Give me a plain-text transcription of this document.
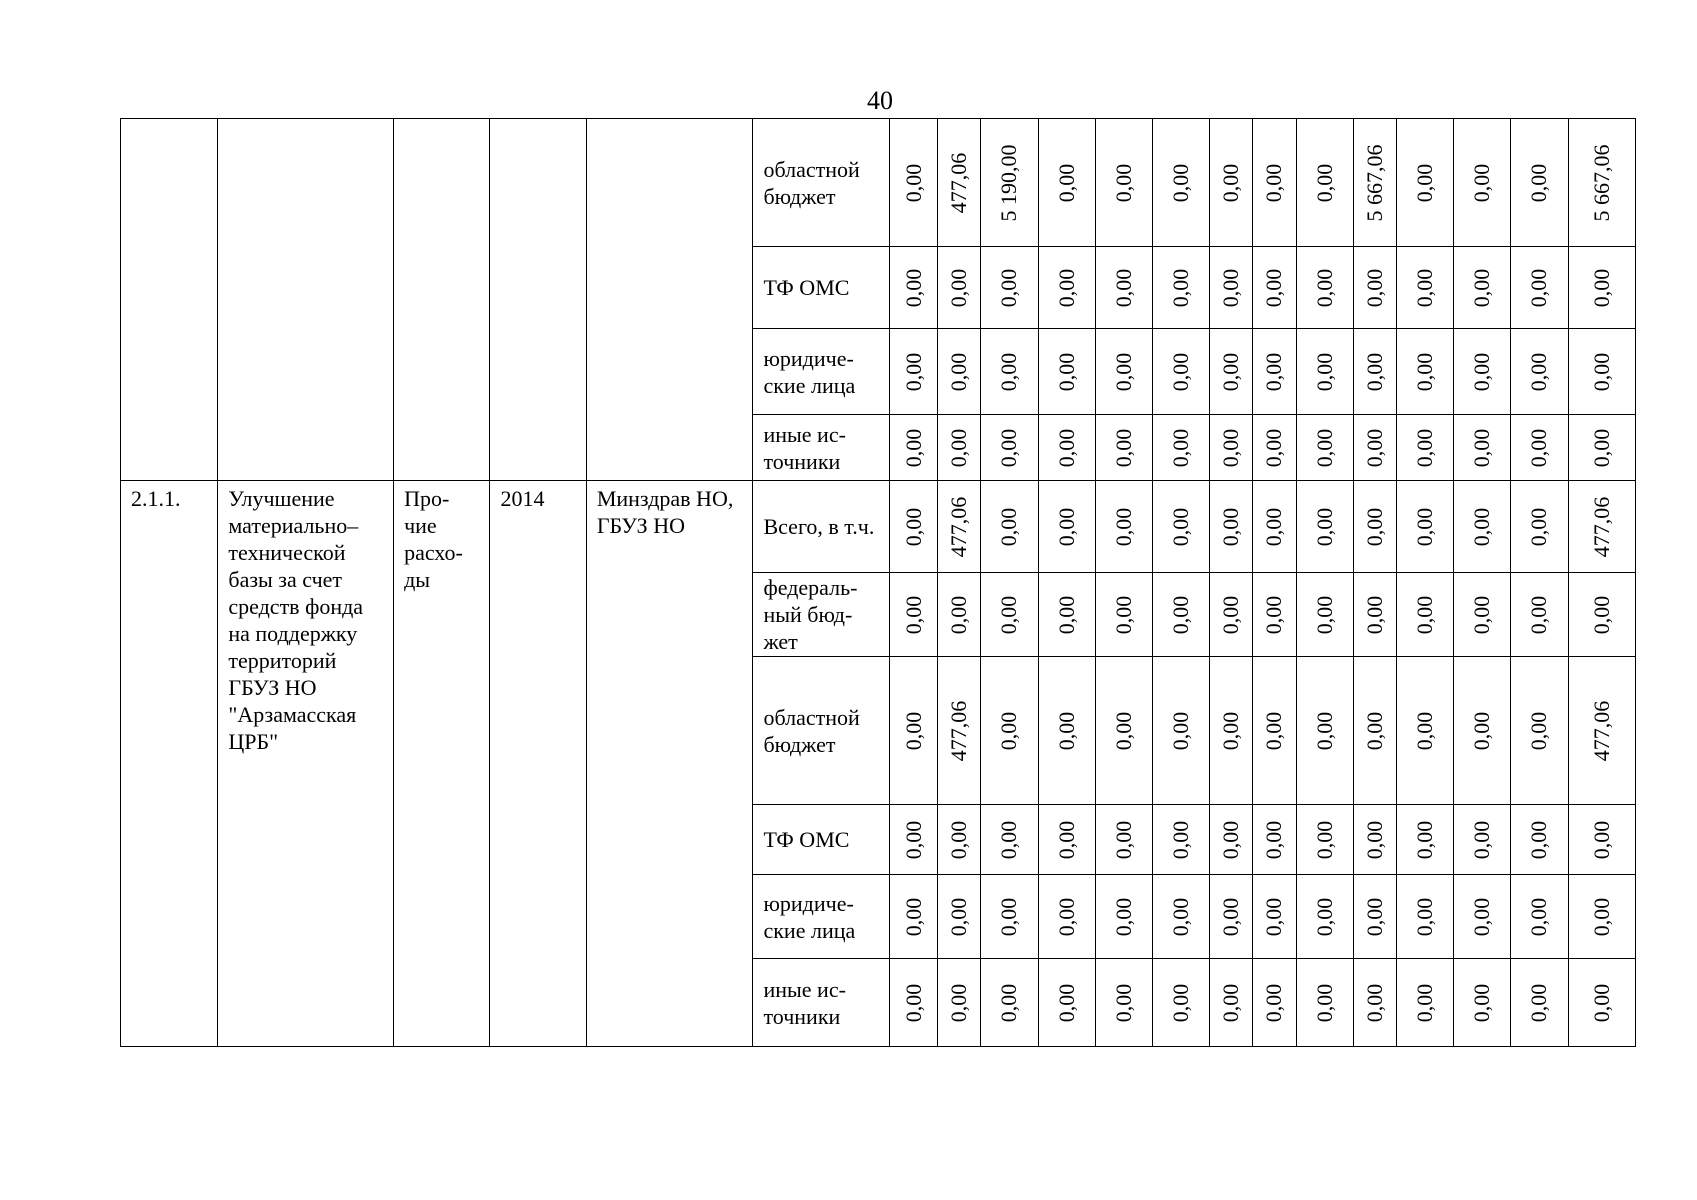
40
					областной бюджет	0,00	477,06	5 190,00	0,00	0,00	0,00	0,00	0,00	0,00	5 667,06	0,00	0,00	0,00	5 667,06

					ТФ ОМС	0,00	0,00	0,00	0,00	0,00	0,00	0,00	0,00	0,00	0,00	0,00	0,00	0,00	0,00

					юридиче-ские лица	0,00	0,00	0,00	0,00	0,00	0,00	0,00	0,00	0,00	0,00	0,00	0,00	0,00	0,00

					иные ис-точники	0,00	0,00	0,00	0,00	0,00	0,00	0,00	0,00	0,00	0,00	0,00	0,00	0,00	0,00

2.1.1.	Улучшение материально–технической базы за счет средств фонда на поддержку территорий ГБУЗ НО "Арзамасская ЦРБ"	Про-чие расхо-ды	2014	Минздрав НО, ГБУЗ НО	Всего, в т.ч.	0,00	477,06	0,00	0,00	0,00	0,00	0,00	0,00	0,00	0,00	0,00	0,00	0,00	477,06

					федераль-ный бюд-жет	0,00	0,00	0,00	0,00	0,00	0,00	0,00	0,00	0,00	0,00	0,00	0,00	0,00	0,00

					областной бюджет	0,00	477,06	0,00	0,00	0,00	0,00	0,00	0,00	0,00	0,00	0,00	0,00	0,00	477,06

					ТФ ОМС	0,00	0,00	0,00	0,00	0,00	0,00	0,00	0,00	0,00	0,00	0,00	0,00	0,00	0,00

					юридиче-ские лица	0,00	0,00	0,00	0,00	0,00	0,00	0,00	0,00	0,00	0,00	0,00	0,00	0,00	0,00

					иные ис-точники	0,00	0,00	0,00	0,00	0,00	0,00	0,00	0,00	0,00	0,00	0,00	0,00	0,00	0,00
